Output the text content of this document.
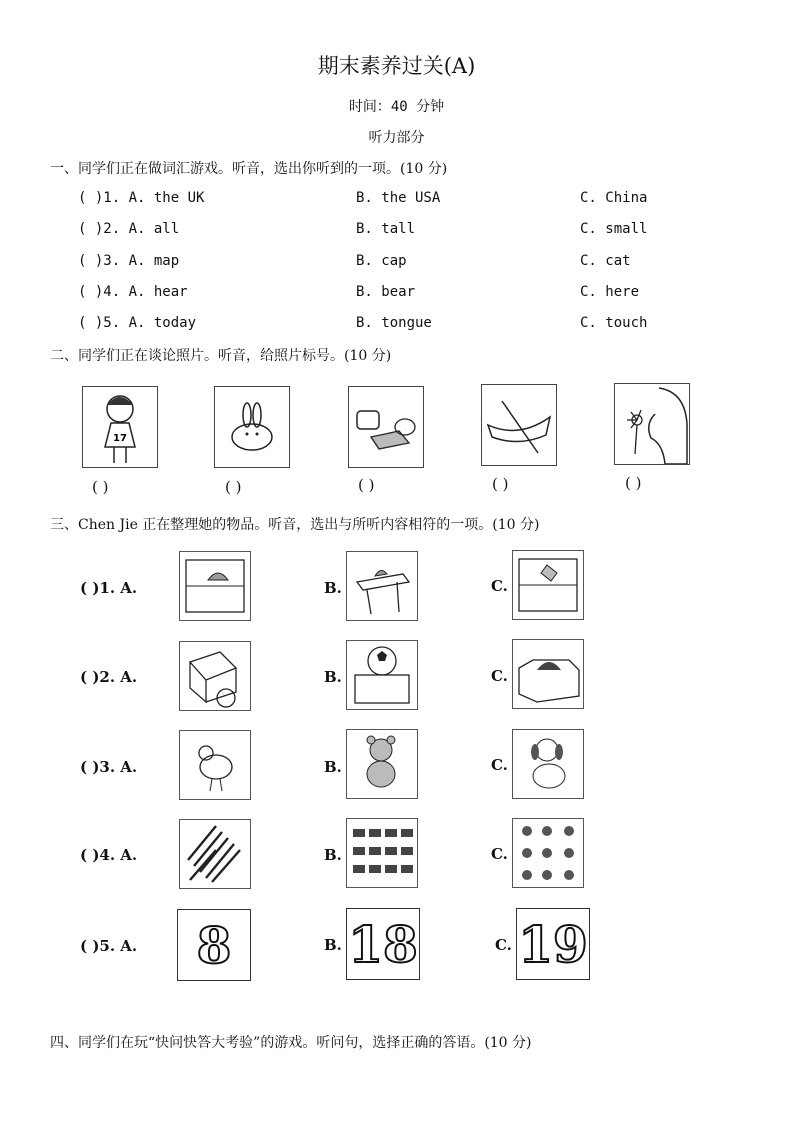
期末素养过关(A)
时间：40 分钟
听力部分
一、同学们正在做词汇游戏。听音，选出你听到的一项。(10 分)
( )1. A. the UK	B. the USA	C. China
( )2. A. all	B. tall	C. small
( )3. A. map	B. cap	C. cat
( )4. A. hear	B. bear	C. here
( )5. A. today	B. tongue	C. touch
二、同学们正在谈论照片。听音，给照片标号。(10 分)
17
( )	( )	( )	( )	( )
三、Chen Jie 正在整理她的物品。听音，选出与所听内容相符的一项。(10 分)
( )1. A.	B.	C.
( )2. A.	B.	C.
( )3. A.	B.	C.
( )4. A.	B.	C.
( )5. A. 8	B. 18	C. 19
四、同学们在玩“快问快答大考验”的游戏。听问句，选择正确的答语。(10 分)
